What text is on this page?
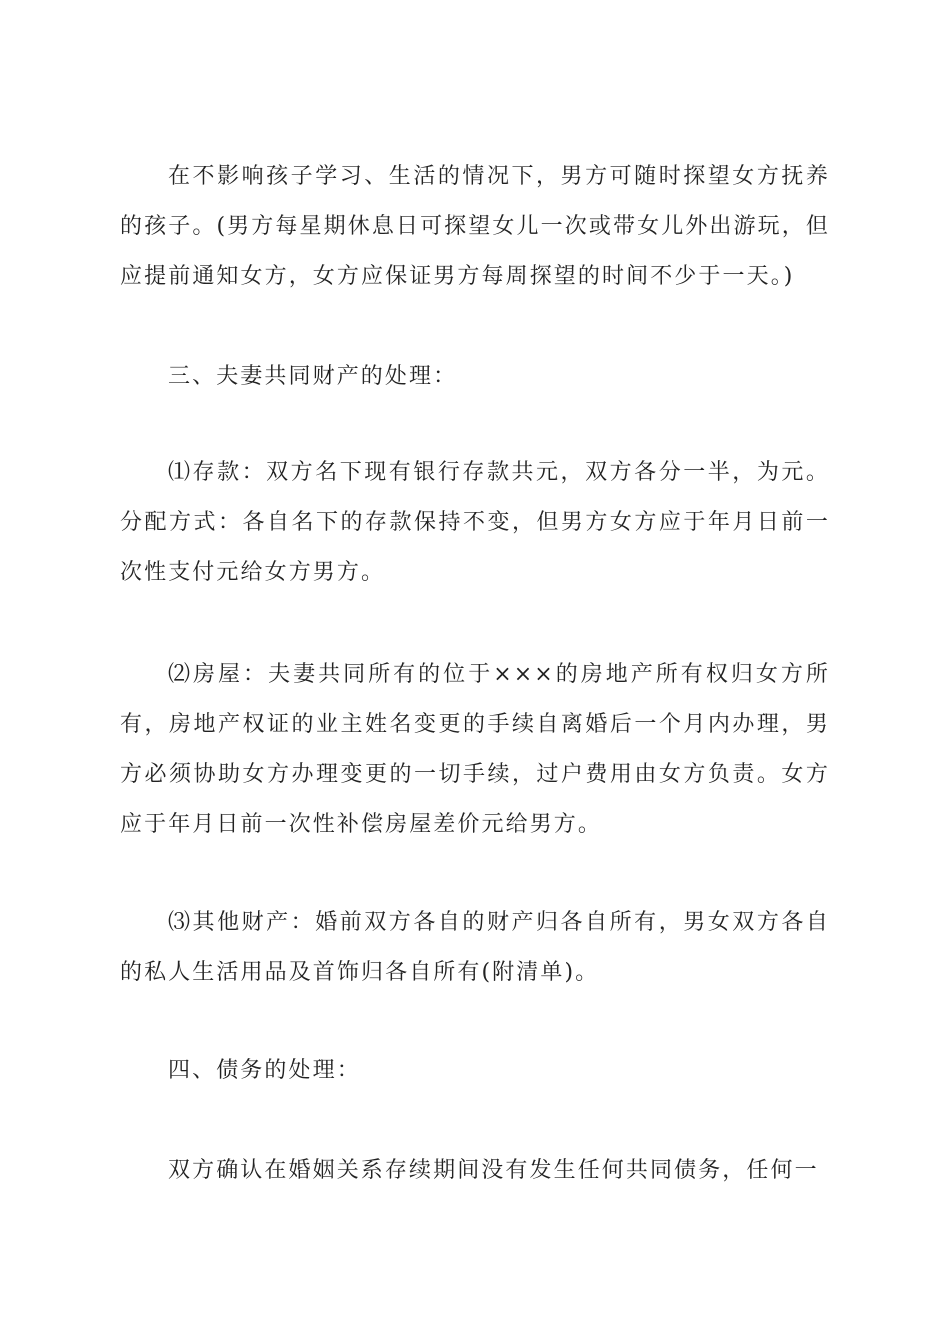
在不影响孩子学习、生活的情况下，男方可随时探望女方抚养的孩子。(男方每星期休息日可探望女儿一次或带女儿外出游玩，但应提前通知女方，女方应保证男方每周探望的时间不少于一天。)

三、夫妻共同财产的处理：

⑴存款：双方名下现有银行存款共元，双方各分一半，为元。分配方式：各自名下的存款保持不变，但男方女方应于年月日前一次性支付元给女方男方。

⑵房屋：夫妻共同所有的位于×××的房地产所有权归女方所有，房地产权证的业主姓名变更的手续自离婚后一个月内办理，男方必须协助女方办理变更的一切手续，过户费用由女方负责。女方应于年月日前一次性补偿房屋差价元给男方。

⑶其他财产：婚前双方各自的财产归各自所有，男女双方各自的私人生活用品及首饰归各自所有(附清单)。

四、债务的处理：

双方确认在婚姻关系存续期间没有发生任何共同债务，任何一
